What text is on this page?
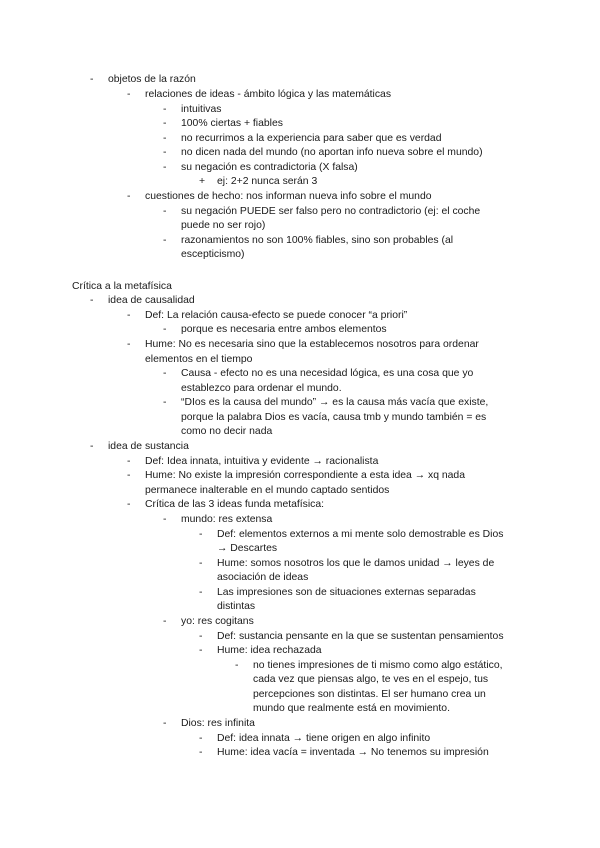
-	objetos de la razón
-	relaciones de ideas - ámbito lógica y las matemáticas
-	intuitivas
-	100% ciertas + fiables
-	no recurrimos a la experiencia para saber que es verdad
-	no dicen nada del mundo (no aportan info nueva sobre el mundo)
-	su negación es contradictoria (X falsa)
+	ej: 2+2 nunca serán 3
-	cuestiones de hecho: nos informan nueva info sobre el mundo
-	su negación PUEDE ser falso pero no contradictorio (ej: el coche
puede no ser rojo)
-	razonamientos no son 100% fiables, sino son probables (al
escepticismo)
Crítica a la metafísica
-	idea de causalidad
-	Def: La relación causa-efecto se puede conocer “a priori”
-	porque es necesaria entre ambos elementos
-	Hume: No es necesaria sino que la establecemos nosotros para ordenar
elementos en el tiempo
-	Causa - efecto no es una necesidad lógica, es una cosa que yo
establezco para ordenar el mundo.
-	“DIos es la causa del mundo” → es la causa más vacía que existe,
porque la palabra Dios es vacía, causa tmb y mundo también = es
como no decir nada
-	idea de sustancia
-	Def: Idea innata, intuitiva y evidente → racionalista
-	Hume: No existe la impresión correspondiente a esta idea → xq nada
permanece inalterable en el mundo captado sentidos
-	Crítica de las 3 ideas funda metafísica:
-	mundo: res extensa
-	Def: elementos externos a mi mente solo demostrable es Dios
→ Descartes
-	Hume: somos nosotros los que le damos unidad → leyes de
asociación de ideas
-	Las impresiones son de situaciones externas separadas
distintas
-	yo: res cogitans
-	Def: sustancia pensante en la que se sustentan pensamientos
-	Hume: idea rechazada
-	no tienes impresiones de ti mismo como algo estático,
cada vez que piensas algo, te ves en el espejo, tus
percepciones son distintas. El ser humano crea un
mundo que realmente está en movimiento.
-	Dios: res infinita
-	Def: idea innata → tiene origen en algo infinito
-	Hume: idea vacía = inventada → No tenemos su impresión
